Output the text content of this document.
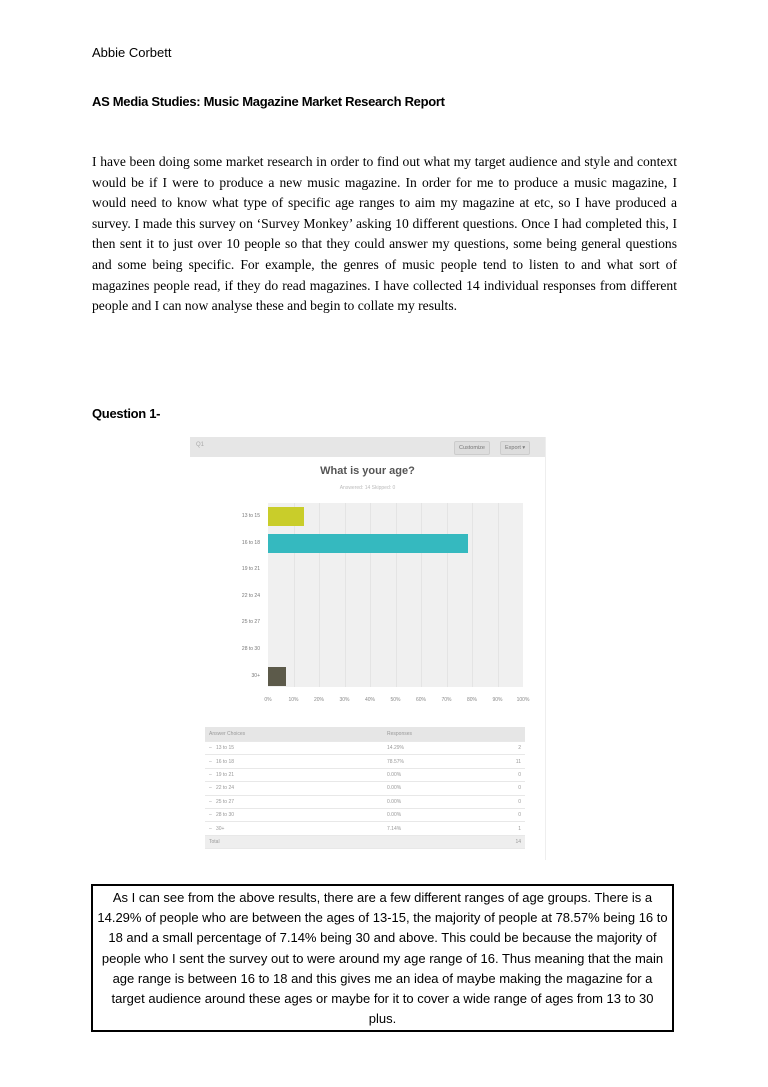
Abbie Corbett
AS Media Studies: Music Magazine Market Research Report
I have been doing some market research in order to find out what my target audience and style and context would be if I were to produce a new music magazine. In order for me to produce a music magazine, I would need to know what type of specific age ranges to aim my magazine at etc, so I have produced a survey. I made this survey on ‘Survey Monkey’ asking 10 different questions. Once I had completed this, I then sent it to just over 10 people so that they could answer my questions, some being general questions and some being specific. For example, the genres of music people tend to listen to and what sort of magazines people read, if they do read magazines. I have collected 14 individual responses from different people and I can now analyse these and begin to collate my results.
Question 1-
Q1	Customize	Export ▾
What is your age?
Answered: 14 Skipped: 0
Answer Choices	Responses	
–   13 to 15	14.29%	2
–   16 to 18	78.57%	11
–   19 to 21	0.00%	0
–   22 to 24	0.00%	0
–   25 to 27	0.00%	0
–   28 to 30	0.00%	0
–   30+	7.14%	1
Total		14
0%	10%	20%	30%	40%	50%	60%	70%	80%	90%	100%
13 to 15
16 to 18
19 to 21
22 to 24
25 to 27
28 to 30
30+
As I can see from the above results, there are a few different ranges of age groups. There is a 14.29% of people who are between the ages of 13-15, the majority of people at 78.57% being 16 to 18 and a small percentage of 7.14% being 30 and above. This could be because the majority of people who I sent the survey out to were around my age range of 16. Thus meaning that the main age range is between 16 to 18 and this gives me an idea of maybe making the magazine for a target audience around these ages or maybe for it to cover a wide range of ages from 13 to 30 plus.
